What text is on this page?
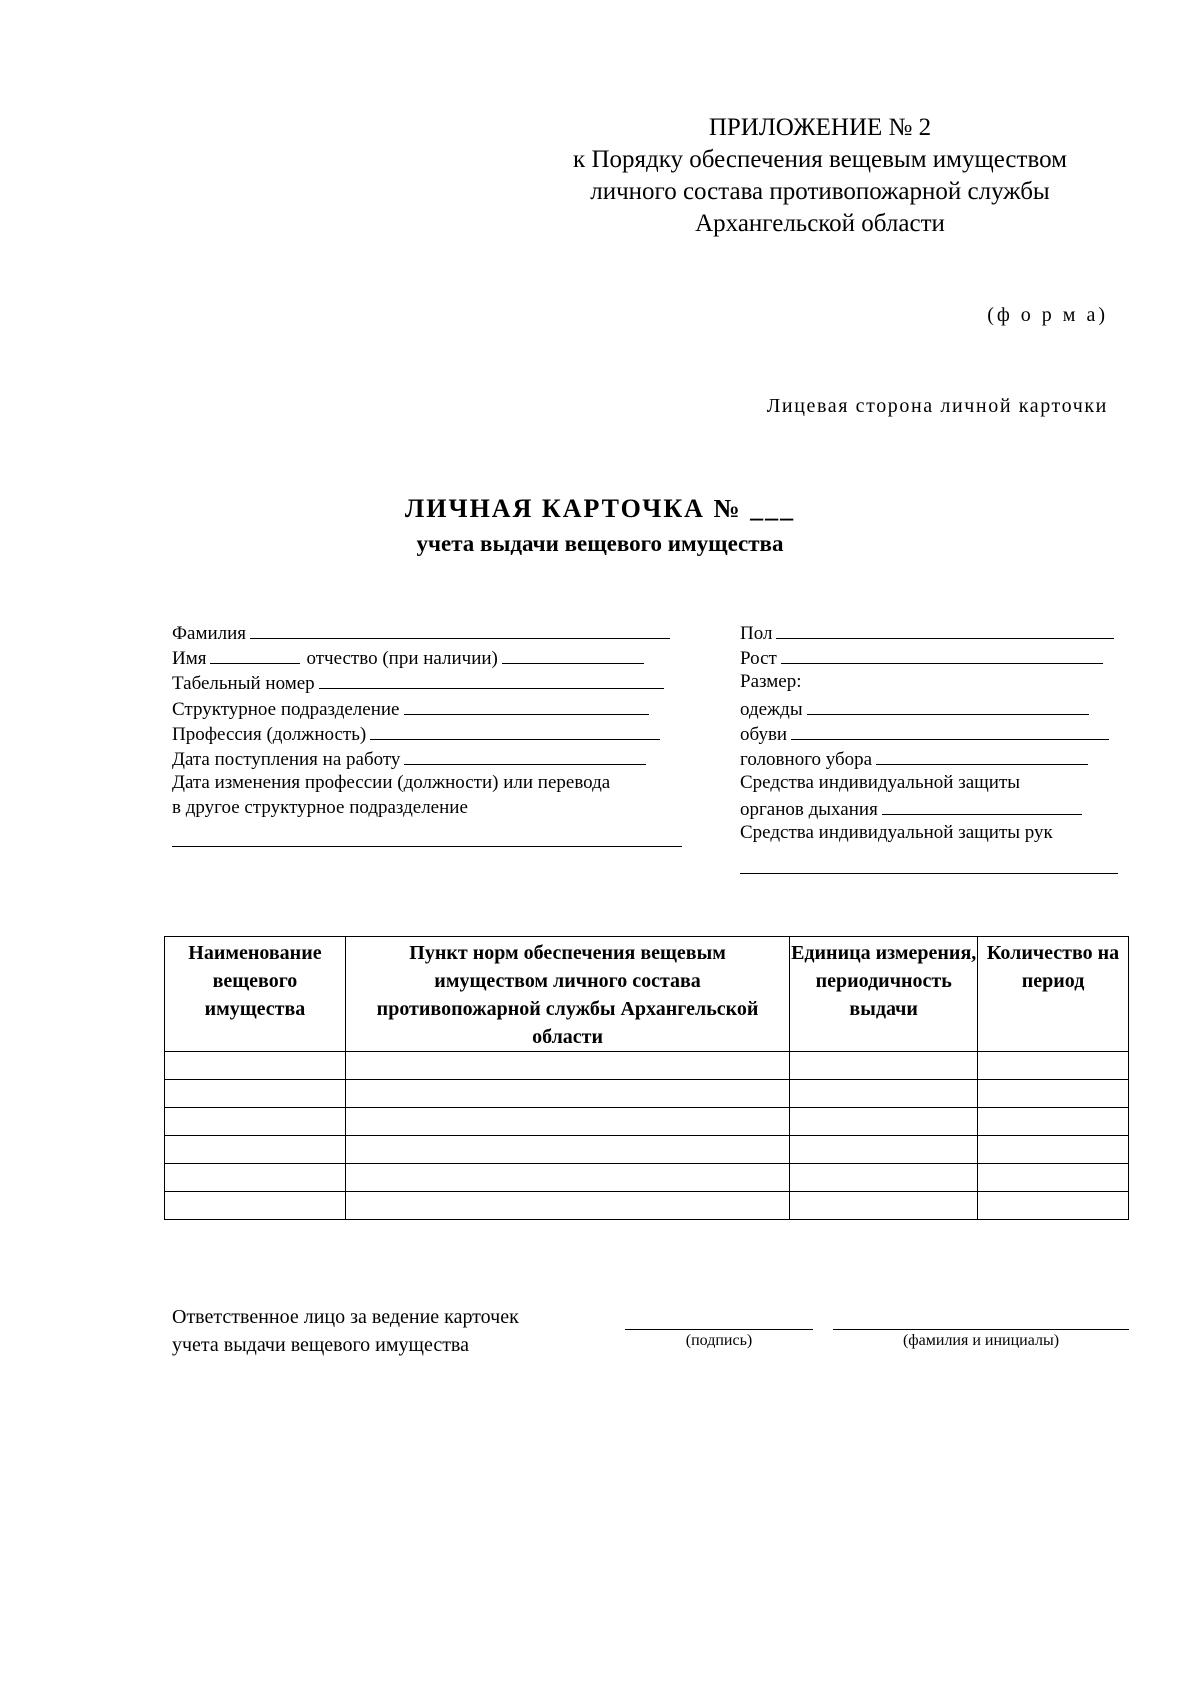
ПРИЛОЖЕНИЕ № 2
к Порядку обеспечения вещевым имуществом
личного состава противопожарной службы
Архангельской области
(ф о р м а)
Лицевая сторона личной карточки
ЛИЧНАЯ КАРТОЧКА № ___
учета выдачи вещевого имущества
Фамилия
Имя	отчество (при наличии)
Табельный номер
Структурное подразделение
Профессия (должность)
Дата поступления на работу
Дата изменения профессии (должности) или перевода
в другое структурное подразделение
Пол
Рост
Размер:
одежды
обуви
головного убора
Средства индивидуальной защиты
органов дыхания
Средства индивидуальной защиты рук
Наименование вещевого имущества	Пункт норм обеспечения вещевым имуществом личного состава противопожарной службы Архангельской области	Единица измерения, периодичность выдачи	Количество на период

Ответственное лицо за ведение карточек
учета выдачи вещевого имущества	(подпись)	(фамилия и инициалы)
